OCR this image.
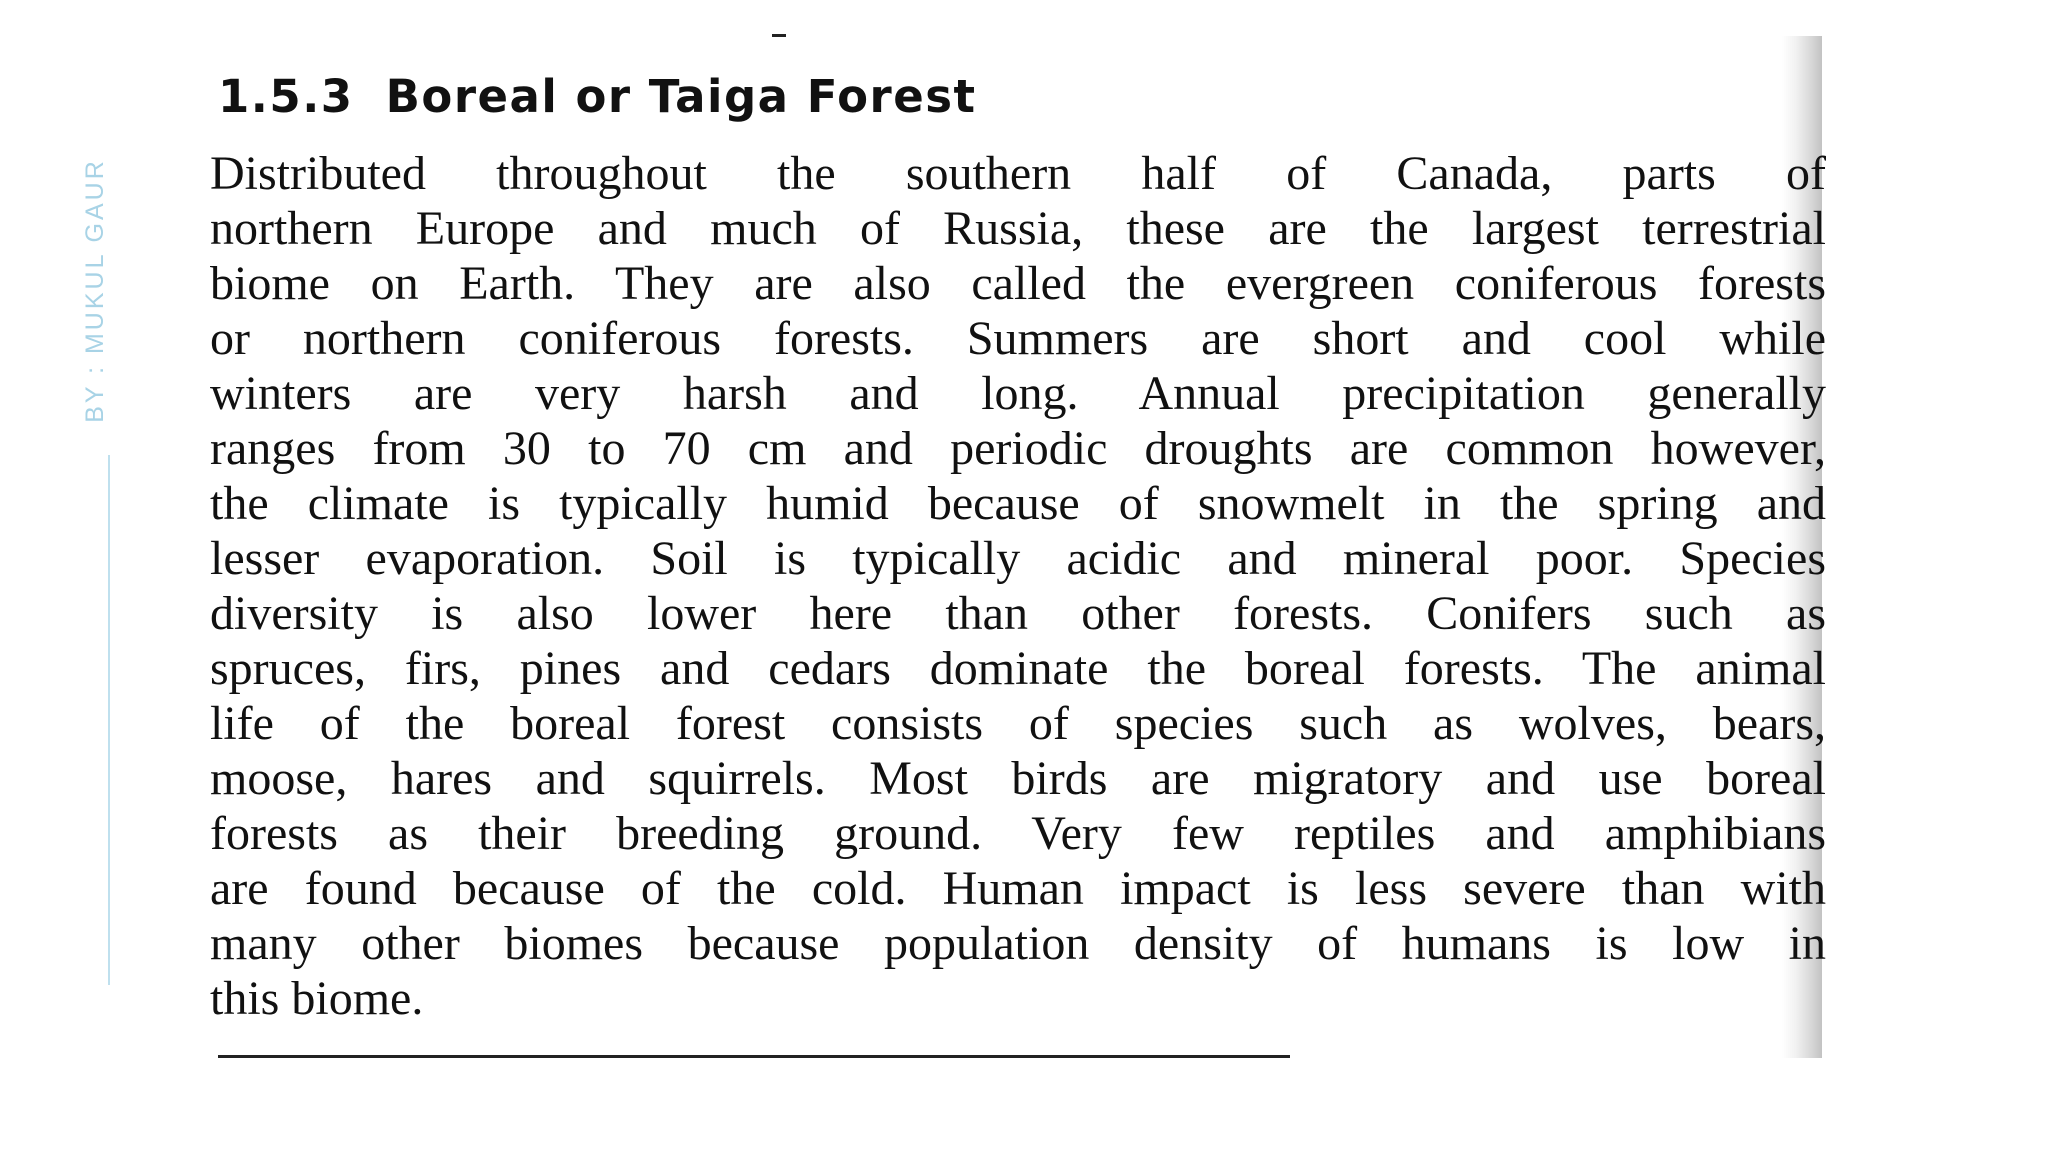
BY : MUKUL GAUR
1.5.3 Boreal or Taiga Forest
Distributed throughout the southern half of Canada, parts of
northern Europe and much of Russia, these are the largest terrestrial
biome on Earth. They are also called the evergreen coniferous forests
or northern coniferous forests. Summers are short and cool while
winters are very harsh and long. Annual precipitation generally
ranges from 30 to 70 cm and periodic droughts are common however,
the climate is typically humid because of snowmelt in the spring and
lesser evaporation. Soil is typically acidic and mineral poor. Species
diversity is also lower here than other forests. Conifers such as
spruces, firs, pines and cedars dominate the boreal forests. The animal
life of the boreal forest consists of species such as wolves, bears,
moose, hares and squirrels. Most birds are migratory and use boreal
forests as their breeding ground. Very few reptiles and amphibians
are found because of the cold. Human impact is less severe than with
many other biomes because population density of humans is low in
this biome.
